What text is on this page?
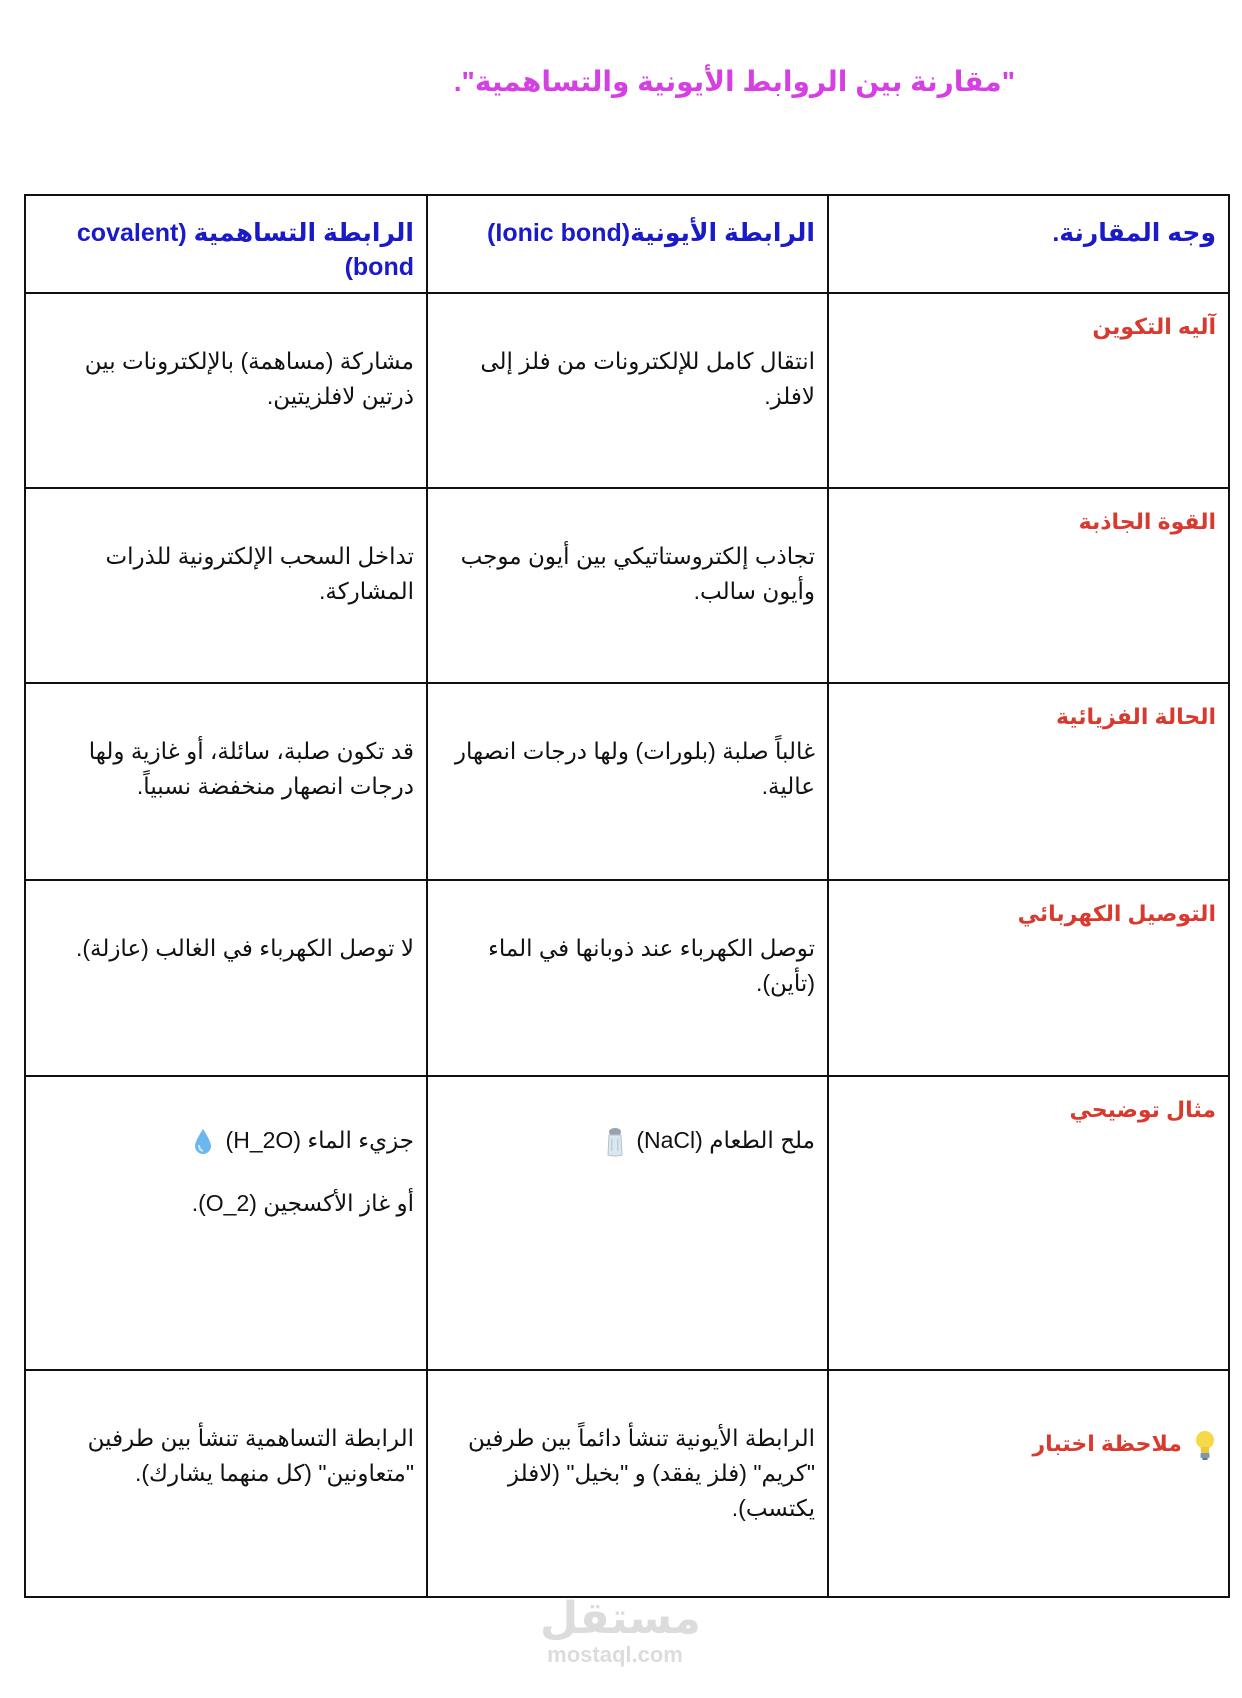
"مقارنة بين الروابط الأيونية والتساهمية".
وجه المقارنة.	الرابطة الأيونية(Ionic bond)	الرابطة التساهمية (covalent bond)

آليه التكوين	انتقال كامل للإلكترونات من فلز إلى لافلز.	مشاركة (مساهمة) بالإلكترونات بين ذرتين لافلزيتين.

القوة الجاذبة	تجاذب إلكتروستاتيكي بين أيون موجب وأيون سالب.	تداخل السحب الإلكترونية للذرات المشاركة.

الحالة الفزيائية	غالباً صلبة (بلورات) ولها درجات انصهار عالية.	قد تكون صلبة، سائلة، أو غازية ولها درجات انصهار منخفضة نسبياً.

التوصيل الكهربائي	توصل الكهرباء عند ذوبانها في الماء (تأين).	لا توصل الكهرباء في الغالب (عازلة).

مثال توضيحي	ملح الطعام (NaCl)	جزيء الماء (H_2O)
أو غاز الأكسجين (O_2).

ملاحظة اختبار	الرابطة الأيونية تنشأ دائماً بين طرفين "كريم" (فلز يفقد) و "بخيل" (لافلز يكتسب).	الرابطة التساهمية تنشأ بين طرفين "متعاونين" (كل منهما يشارك).
مستقل
mostaql.com
